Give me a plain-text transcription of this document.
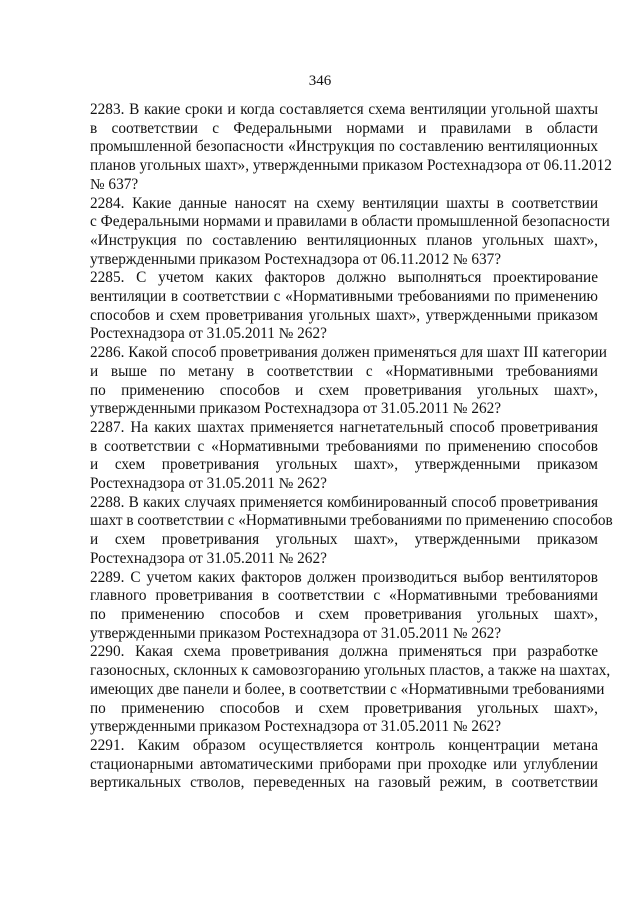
346
2283. В какие сроки и когда составляется схема вентиляции угольной шахты
в соответствии с Федеральными нормами и правилами в области
промышленной безопасности «Инструкция по составлению вентиляционных
планов угольных шахт», утвержденными приказом Ростехнадзора от 06.11.2012
№ 637?
2284. Какие данные наносят на схему вентиляции шахты в соответствии
с Федеральными нормами и правилами в области промышленной безопасности
«Инструкция по составлению вентиляционных планов угольных шахт»,
утвержденными приказом Ростехнадзора от 06.11.2012 № 637?
2285. С учетом каких факторов должно выполняться проектирование
вентиляции в соответствии с «Нормативными требованиями по применению
способов и схем проветривания угольных шахт», утвержденными приказом
Ростехнадзора от 31.05.2011 № 262?
2286. Какой способ проветривания должен применяться для шахт III категории
и выше по метану в соответствии с «Нормативными требованиями
по применению способов и схем проветривания угольных шахт»,
утвержденными приказом Ростехнадзора от 31.05.2011 № 262?
2287. На каких шахтах применяется нагнетательный способ проветривания
в соответствии с «Нормативными требованиями по применению способов
и схем проветривания угольных шахт», утвержденными приказом
Ростехнадзора от 31.05.2011 № 262?
2288. В каких случаях применяется комбинированный способ проветривания
шахт в соответствии с «Нормативными требованиями по применению способов
и схем проветривания угольных шахт», утвержденными приказом
Ростехнадзора от 31.05.2011 № 262?
2289. С учетом каких факторов должен производиться выбор вентиляторов
главного проветривания в соответствии с «Нормативными требованиями
по применению способов и схем проветривания угольных шахт»,
утвержденными приказом Ростехнадзора от 31.05.2011 № 262?
2290. Какая схема проветривания должна применяться при разработке
газоносных, склонных к самовозгоранию угольных пластов, а также на шахтах,
имеющих две панели и более, в соответствии с «Нормативными требованиями
по применению способов и схем проветривания угольных шахт»,
утвержденными приказом Ростехнадзора от 31.05.2011 № 262?
2291. Каким образом осуществляется контроль концентрации метана
стационарными автоматическими приборами при проходке или углублении
вертикальных стволов, переведенных на газовый режим, в соответствии
